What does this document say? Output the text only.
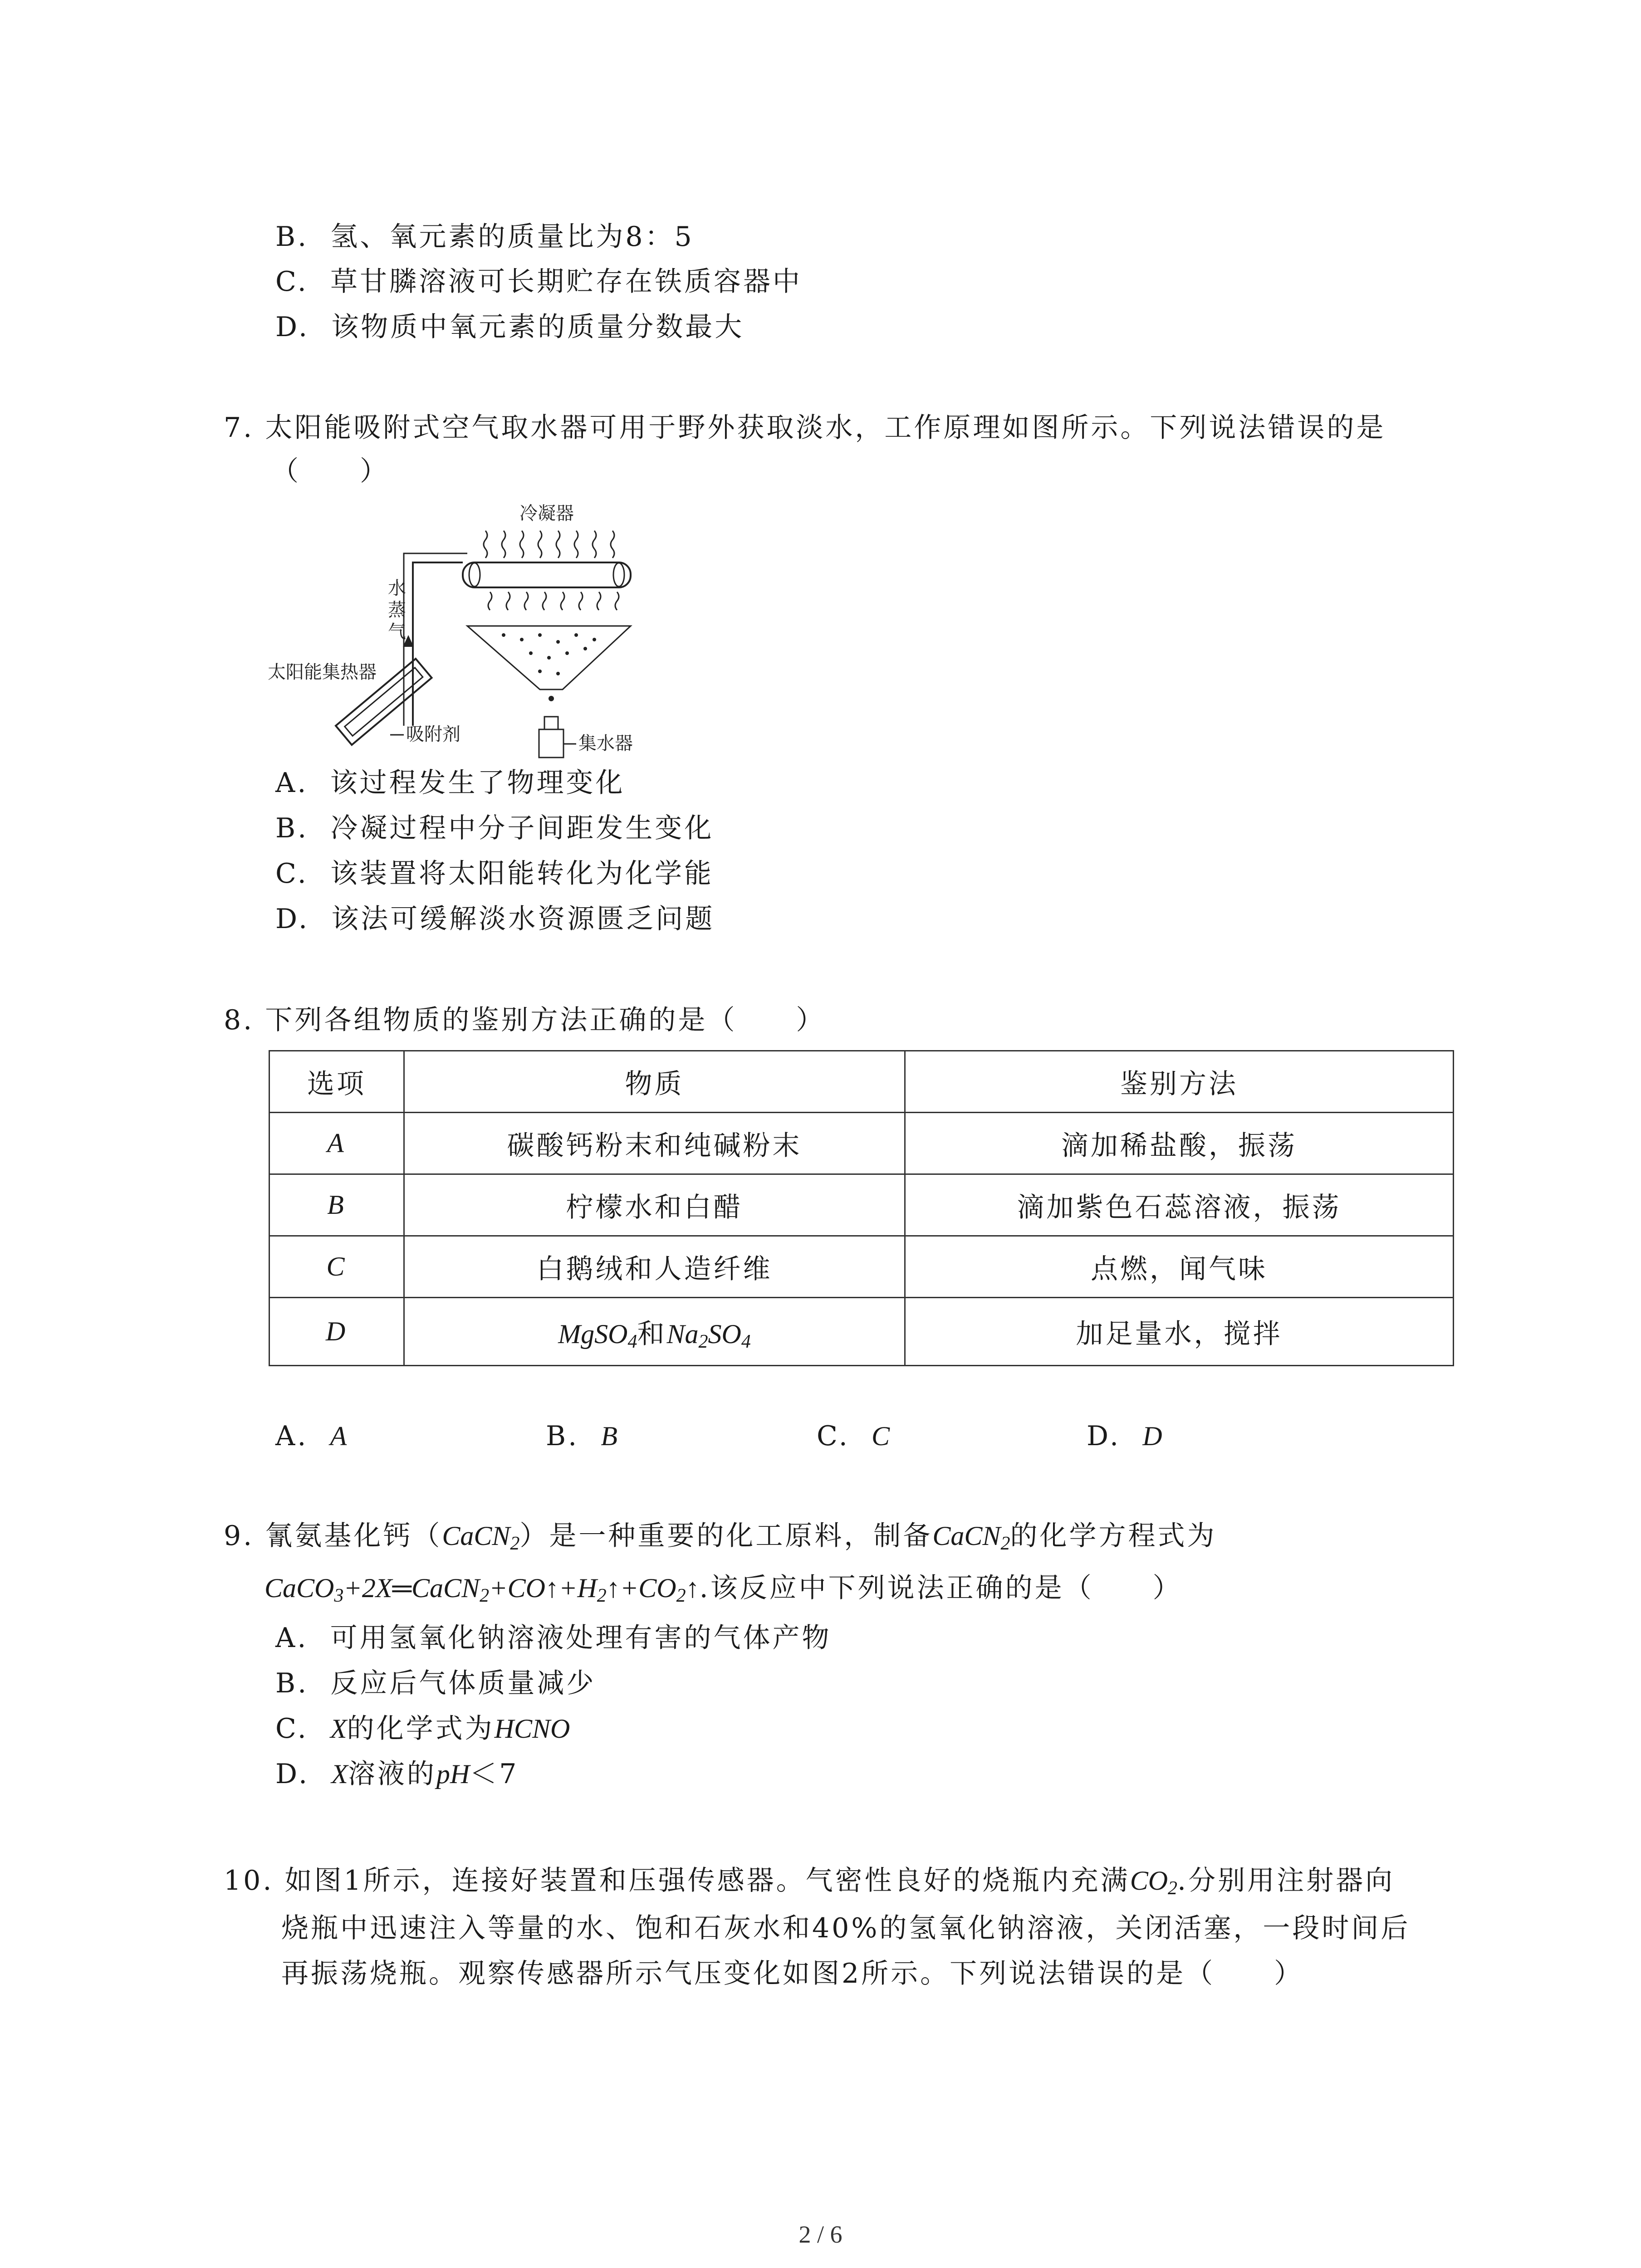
B. 氢、氧元素的质量比为8：5
C. 草甘膦溶液可长期贮存在铁质容器中
D. 该物质中氧元素的质量分数最大
7. 太阳能吸附式空气取水器可用于野外获取淡水，工作原理如图所示。下列说法错误的是
（　　）
冷凝器
水
蒸
气
太阳能集热器
集水器
吸附剂
A. 该过程发生了物理变化
B. 冷凝过程中分子间距发生变化
C. 该装置将太阳能转化为化学能
D. 该法可缓解淡水资源匮乏问题
8. 下列各组物质的鉴别方法正确的是（　　）
选项	物质	鉴别方法
A	碳酸钙粉末和纯碱粉末	滴加稀盐酸，振荡
B	柠檬水和白醋	滴加紫色石蕊溶液，振荡
C	白鹅绒和人造纤维	点燃，闻气味
D	MgSO$_4$和$Na_2SO_4$	加足量水，搅拌
A. A	B. B	C. C	D. D
9. 氰氨基化钙（CaCN$_2$）是一种重要的化工原料，制备CaCN$_2$的化学方程式为
$CaCO_3+2X═CaCN_2+CO↑+H_2↑+CO_2↑$.该反应中下列说法正确的是（　　）
A. 可用氢氧化钠溶液处理有害的气体产物
B. 反应后气体质量减少
C. X的化学式为HCNO
D. X溶液的pH＜7
10. 如图1所示，连接好装置和压强传感器。气密性良好的烧瓶内充满$CO_2$.分别用注射器向
烧瓶中迅速注入等量的水、饱和石灰水和40%的氢氧化钠溶液，关闭活塞，一段时间后
再振荡烧瓶。观察传感器所示气压变化如图2所示。下列说法错误的是（　　）
2 / 6
